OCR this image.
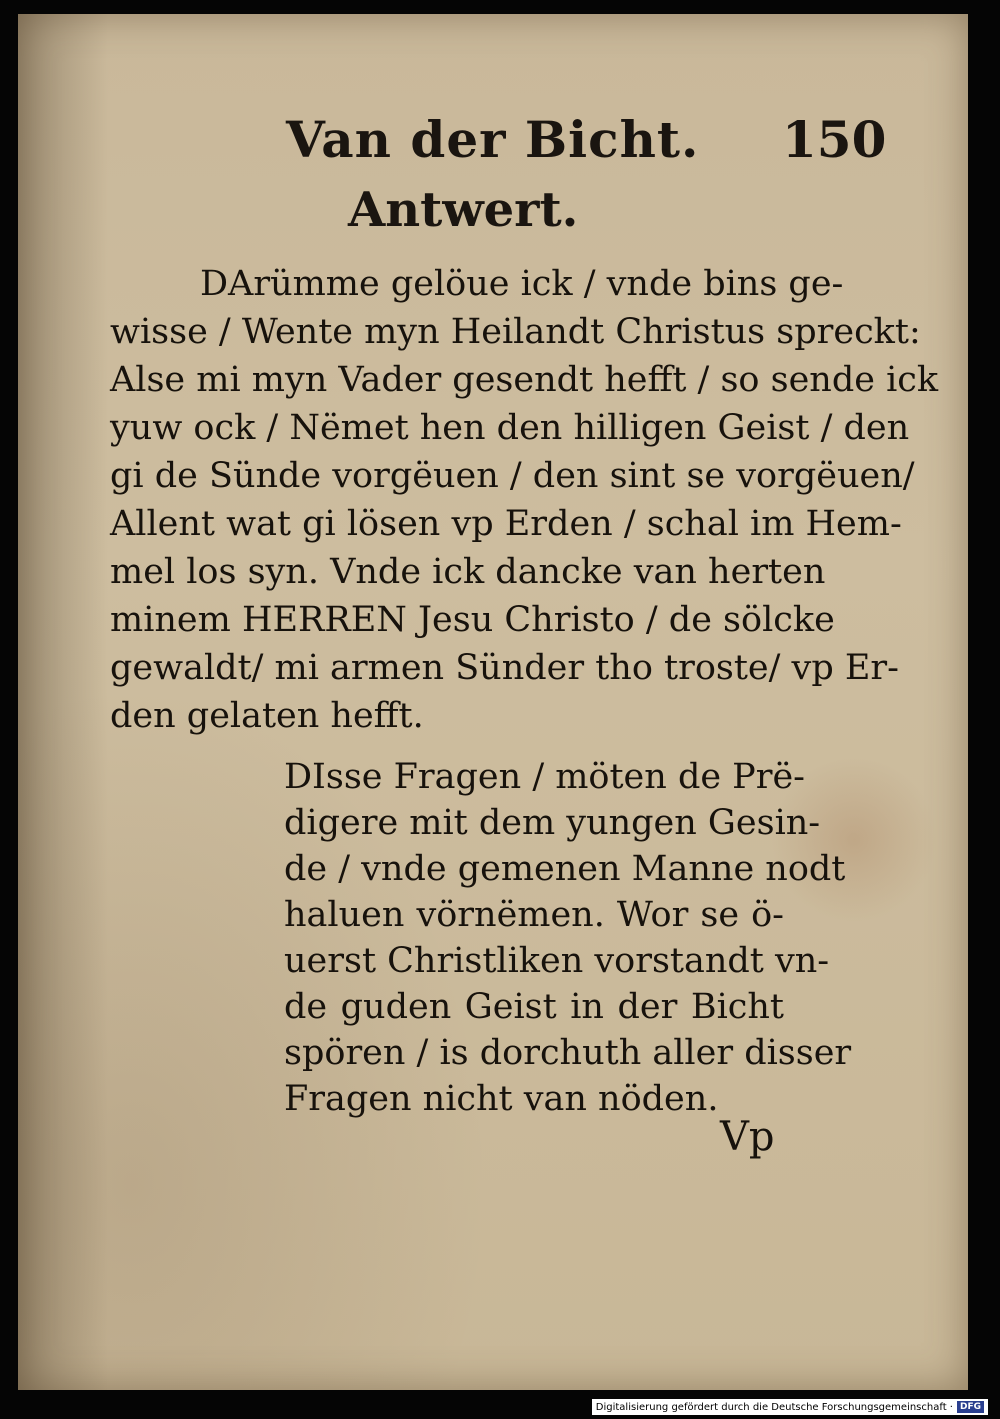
Van der Bicht. 150
Antwert.
DArümme gelöue ick / vnde bins ge-
wisse / Wente myn Heilandt Christus spreckt:
Alse mi myn Vader gesendt hefft / so sende ick
yuw ock / Nëmet hen den hilligen Geist / den
gi de Sünde vorgëuen / den sint se vorgëuen/
Allent wat gi lösen vp Erden / schal im Hem-
mel los syn. Vnde ick dancke van herten
minem HERREN Jesu Christo / de sölcke
gewaldt/ mi armen Sünder tho troste/ vp Er-
den gelaten hefft.
DIsse Fragen / möten de Prë-
digere mit dem yungen Gesin-
de / vnde gemenen Manne nodt
haluen vörnëmen. Wor se ö-
uerst Christliken vorstandt vn-
de guden Geist in der Bicht
spören / is dorchuth aller disser
Fragen nicht van nöden.
Vp
Digitalisierung gefördert durch die Deutsche Forschungsgemeinschaft · DFG
